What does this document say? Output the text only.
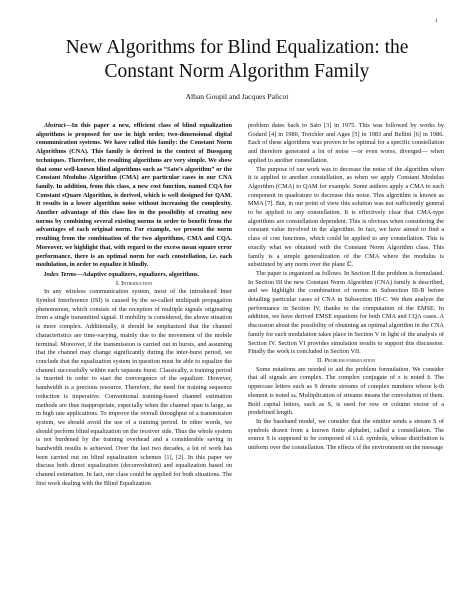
1
New Algorithms for Blind Equalization: the
Constant Norm Algorithm Family
Alban Goupil and Jacques Palicot

Abstract—In this paper a new, efficient class of blind equalization algorithms is proposed for use in high order, two-dimensional digital communication systems. We have called this family: the Constant Norm Algorithms (CNA). This family is derived in the context of Bussgang techniques. Therefore, the resulting algorithms are very simple. We show that some well-known blind algorithms such as “Sato’s algorithm” or the Constant Modulus Algorithm (CMA) are particular cases in our CNA family. In addition, from this class, a new cost function, named CQA for Constant sQuare Algorithm, is derived, which is well designed for QAM. It results in a lower algorithm noise without increasing the complexity. Another advantage of this class lies in the possibility of creating new norms by combining several existing norms in order to benefit from the advantages of each original norm. For example, we present the norm resulting from the combination of the two algorithms, CMA and CQA. Moreover, we highlight that, with regard to the excess mean square error performance, there is an optimal norm for each constellation, i.e. each modulation, in order to equalize it blindly.

Index Terms—Adaptive equalizers, equalizers, algorithms.

I. Introduction

In any wireless communication system, most of the introduced Inter Symbol Interference (ISI) is caused by the so-called multipath propagation phenomenon, which consists of the reception of multiple signals originating from a single transmitted signal. If mobility is considered, the above situation is more complex. Additionally, it should be emphasized that the channel characteristics are time-varying, mainly due to the movement of the mobile terminal. Moreover, if the transmission is carried out in bursts, and assuming that the channel may change significantly during the inter-burst period, we conclude that the equalization system in question must be able to equalize the channel successfully within each separate burst. Classically, a training period is inserted in order to start the convergence of the equalizer. However, bandwidth is a precious resource. Therefore, the need for training sequence reduction is imperative. Conventional training-based channel estimation methods are thus inappropriate, especially when the channel span is large, as in high rate applications. To improve the overall throughput of a transmission system, we should avoid the use of a training period. In other words, we should perform blind equalization on the receiver side. Thus the whole system is not burdened by the training overhead and a considerable saving in bandwidth results is achieved. Over the last two decades, a lot of work has been carried out on blind equalization schemes [1], [2]. In this paper we discuss both direct equalization (deconvolution) and equalization based on channel estimation. In fact, our class could be applied for both situations. The first work dealing with the Blind Equalization

problem dates back to Sato [3] in 1975. This was followed by works by Godard [4] in 1980, Treichler and Agee [5] in 1983 and Bellini [6] in 1986. Each of these algorithms was proven to be optimal for a specific constellation and therefore generated a lot of noise —or even worse, diverged— when applied to another constellation.

The purpose of our work was to decrease the noise of the algorithm when it is applied to another constellation, as when we apply Constant Modulus Algorithm (CMA) to QAM for example. Some authors apply a CMA to each component in quadrature to decrease this noise. This algorithm is known as MMA [7]. But, in our point of view this solution was not sufficiently general to be applied to any constellation. It is effectively clear that CMA-type algorithms are constellation dependent. This is obvious when considering the constant value involved in the algorithm. In fact, we have aimed to find a class of cost functions, which could be applied to any constellation. This is exactly what we obtained with the Constant Norm Algorithm class. This family is a simple generalization of the CMA where the modulus is substituted by any norm over the plane ℂ.

The paper is organized as follows. In Section II the problem is formulated. In Section III the new Constant Norm Algorithm (CNA) family is described, and we highlight the combination of norms in Subsection III-B before detailing particular cases of CNA in Subsection III-C. We then analyze the performance in Section IV, thanks to the computation of the EMSE. In addition, we have derived EMSE equations for both CMA and CQA cases. A discussion about the possibility of obtaining an optimal algorithm in the CNA family for each modulation takes place in Section V in light of the analysis of Section IV. Section VI provides simulation results to support this discussion. Finally the work is concluded in Section VII.

II. Problem formulation

Some notations are needed to aid the problem formulation. We consider that all signals are complex. The complex conjugate of z is noted z̄. The uppercase letters such as S denote streams of complex numbers whose k-th element is noted sₖ. Multiplication of streams means the convolution of them. Bold capital letters, such as S, is used for row or column vector of a predefined length.

In the baseband model, we consider that the emitter sends a stream S of symbols drawn from a known finite alphabet, called a constellation. The source S is supposed to be composed of i.i.d. symbols, whose distribution is uniform over the constellation. The effects of the environment on the message
